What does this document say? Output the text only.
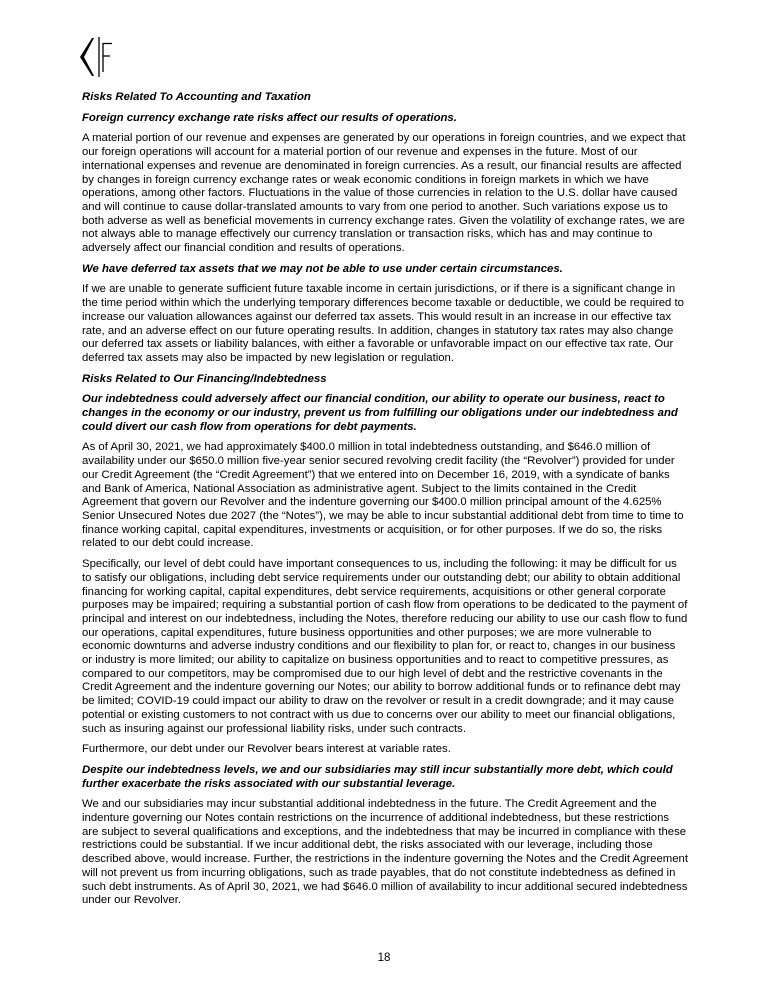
Risks Related To Accounting and Taxation
Foreign currency exchange rate risks affect our results of operations.
A material portion of our revenue and expenses are generated by our operations in foreign countries, and we expect that our foreign operations will account for a material portion of our revenue and expenses in the future. Most of our international expenses and revenue are denominated in foreign currencies. As a result, our financial results are affected by changes in foreign currency exchange rates or weak economic conditions in foreign markets in which we have operations, among other factors. Fluctuations in the value of those currencies in relation to the U.S. dollar have caused and will continue to cause dollar-translated amounts to vary from one period to another. Such variations expose us to both adverse as well as beneficial movements in currency exchange rates. Given the volatility of exchange rates, we are not always able to manage effectively our currency translation or transaction risks, which has and may continue to adversely affect our financial condition and results of operations.
We have deferred tax assets that we may not be able to use under certain circumstances.
If we are unable to generate sufficient future taxable income in certain jurisdictions, or if there is a significant change in the time period within which the underlying temporary differences become taxable or deductible, we could be required to increase our valuation allowances against our deferred tax assets. This would result in an increase in our effective tax rate, and an adverse effect on our future operating results. In addition, changes in statutory tax rates may also change our deferred tax assets or liability balances, with either a favorable or unfavorable impact on our effective tax rate. Our deferred tax assets may also be impacted by new legislation or regulation.
Risks Related to Our Financing/Indebtedness
Our indebtedness could adversely affect our financial condition, our ability to operate our business, react to changes in the economy or our industry, prevent us from fulfilling our obligations under our indebtedness and could divert our cash flow from operations for debt payments.
As of April 30, 2021, we had approximately $400.0 million in total indebtedness outstanding, and $646.0 million of availability under our $650.0 million five-year senior secured revolving credit facility (the “Revolver”) provided for under our Credit Agreement (the “Credit Agreement”) that we entered into on December 16, 2019, with a syndicate of banks and Bank of America, National Association as administrative agent. Subject to the limits contained in the Credit Agreement that govern our Revolver and the indenture governing our $400.0 million principal amount of the 4.625% Senior Unsecured Notes due 2027 (the “Notes”), we may be able to incur substantial additional debt from time to time to finance working capital, capital expenditures, investments or acquisition, or for other purposes. If we do so, the risks related to our debt could increase.
Specifically, our level of debt could have important consequences to us, including the following: it may be difficult for us to satisfy our obligations, including debt service requirements under our outstanding debt; our ability to obtain additional financing for working capital, capital expenditures, debt service requirements, acquisitions or other general corporate purposes may be impaired; requiring a substantial portion of cash flow from operations to be dedicated to the payment of principal and interest on our indebtedness, including the Notes, therefore reducing our ability to use our cash flow to fund our operations, capital expenditures, future business opportunities and other purposes; we are more vulnerable to economic downturns and adverse industry conditions and our flexibility to plan for, or react to, changes in our business or industry is more limited; our ability to capitalize on business opportunities and to react to competitive pressures, as compared to our competitors, may be compromised due to our high level of debt and the restrictive covenants in the Credit Agreement and the indenture governing our Notes; our ability to borrow additional funds or to refinance debt may be limited; COVID-19 could impact our ability to draw on the revolver or result in a credit downgrade; and it may cause potential or existing customers to not contract with us due to concerns over our ability to meet our financial obligations, such as insuring against our professional liability risks, under such contracts.
Furthermore, our debt under our Revolver bears interest at variable rates.
Despite our indebtedness levels, we and our subsidiaries may still incur substantially more debt, which could further exacerbate the risks associated with our substantial leverage.
We and our subsidiaries may incur substantial additional indebtedness in the future. The Credit Agreement and the indenture governing our Notes contain restrictions on the incurrence of additional indebtedness, but these restrictions are subject to several qualifications and exceptions, and the indebtedness that may be incurred in compliance with these restrictions could be substantial. If we incur additional debt, the risks associated with our leverage, including those described above, would increase. Further, the restrictions in the indenture governing the Notes and the Credit Agreement will not prevent us from incurring obligations, such as trade payables, that do not constitute indebtedness as defined in such debt instruments. As of April 30, 2021, we had $646.0 million of availability to incur additional secured indebtedness under our Revolver.
18
